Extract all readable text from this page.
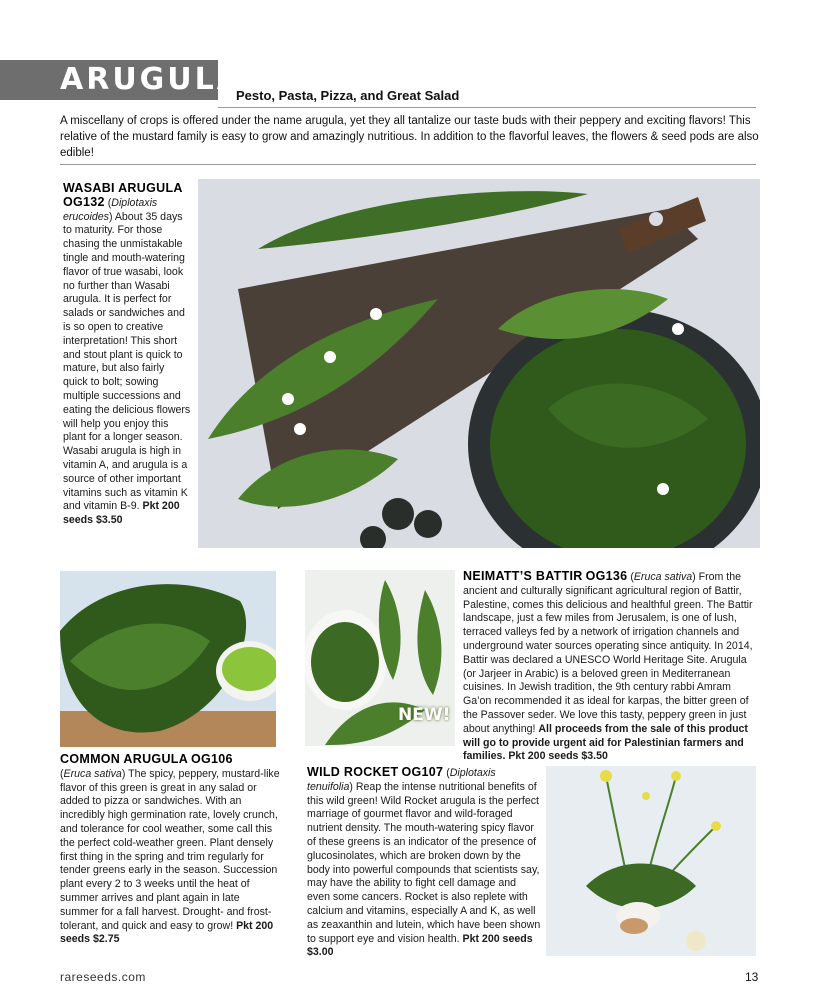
ARUGULA
Pesto, Pasta, Pizza, and Great Salad
A miscellany of crops is offered under the name arugula, yet they all tantalize our taste buds with their peppery and exciting flavors! This relative of the mustard family is easy to grow and amazingly nutritious. In addition to the flavorful leaves, the flowers & seed pods are also edible!
WASABI ARUGULA
OG132 (Diplotaxis erucoides) About 35 days to maturity. For those chasing the unmistakable tingle and mouth-watering flavor of true wasabi, look no further than Wasabi arugula. It is perfect for salads or sandwiches and is so open to creative interpretation! This short and stout plant is quick to mature, but also fairly quick to bolt; sowing multiple successions and eating the delicious flowers will help you enjoy this plant for a longer season. Wasabi arugula is high in vitamin A, and arugula is a source of other important vitamins such as vitamin K and vitamin B-9. Pkt 200 seeds $3.50
COMMON ARUGULA OG106
(Eruca sativa) The spicy, peppery, mustard-like flavor of this green is great in any salad or added to pizza or sandwiches. With an incredibly high germination rate, lovely crunch, and tolerance for cool weather, some call this the perfect cold-weather green. Plant densely first thing in the spring and trim regularly for tender greens early in the season. Succession plant every 2 to 3 weeks until the heat of summer arrives and plant again in late summer for a fall harvest. Drought- and frost-tolerant, and quick and easy to grow! Pkt 200 seeds $2.75
NEW!
NEIMATT’S BATTIR OG136 (Eruca sativa) From the ancient and culturally significant agricultural region of Battir, Palestine, comes this delicious and healthful green. The Battir landscape, just a few miles from Jerusalem, is one of lush, terraced valleys fed by a network of irrigation channels and underground water sources operating since antiquity. In 2014, Battir was declared a UNESCO World Heritage Site. Arugula (or Jarjeer in Arabic) is a beloved green in Mediterranean cuisines. In Jewish tradition, the 9th century rabbi Amram Ga’on recommended it as ideal for karpas, the bitter green of the Passover seder. We love this tasty, peppery green in just about anything! All proceeds from the sale of this product will go to provide urgent aid for Palestinian farmers and families. Pkt 200 seeds $3.50
WILD ROCKET OG107 (Diplotaxis tenuifolia) Reap the intense nutritional benefits of this wild green! Wild Rocket arugula is the perfect marriage of gourmet flavor and wild-foraged nutrient density. The mouth-watering spicy flavor of these greens is an indicator of the presence of glucosinolates, which are broken down by the body into powerful compounds that scientists say, may have the ability to fight cell damage and even some cancers. Rocket is also replete with calcium and vitamins, especially A and K, as well as zeaxanthin and lutein, which have been shown to support eye and vision health. Pkt 200 seeds $3.00
rareseeds.com	13
